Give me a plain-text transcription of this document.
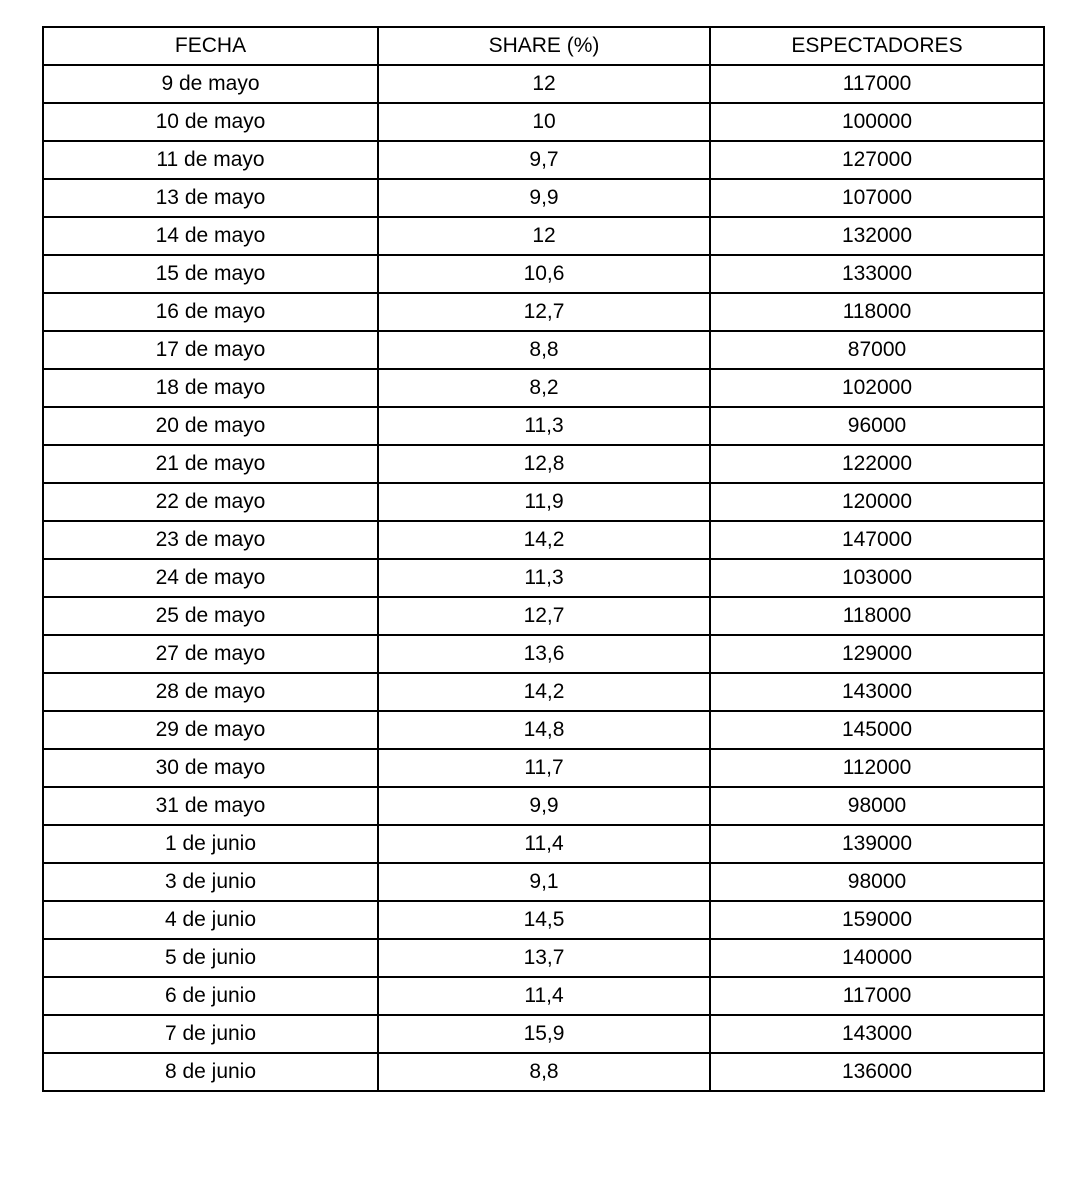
FECHA	SHARE (%)	ESPECTADORES
9 de mayo	12	117000
10 de mayo	10	100000
11 de mayo	9,7	127000
13 de mayo	9,9	107000
14 de mayo	12	132000
15 de mayo	10,6	133000
16 de mayo	12,7	118000
17 de mayo	8,8	87000
18 de mayo	8,2	102000
20 de mayo	11,3	96000
21 de mayo	12,8	122000
22 de mayo	11,9	120000
23 de mayo	14,2	147000
24 de mayo	11,3	103000
25 de mayo	12,7	118000
27 de mayo	13,6	129000
28 de mayo	14,2	143000
29 de mayo	14,8	145000
30 de mayo	11,7	112000
31 de mayo	9,9	98000
1 de junio	11,4	139000
3 de junio	9,1	98000
4 de junio	14,5	159000
5 de junio	13,7	140000
6 de junio	11,4	117000
7 de junio	15,9	143000
8 de junio	8,8	136000
